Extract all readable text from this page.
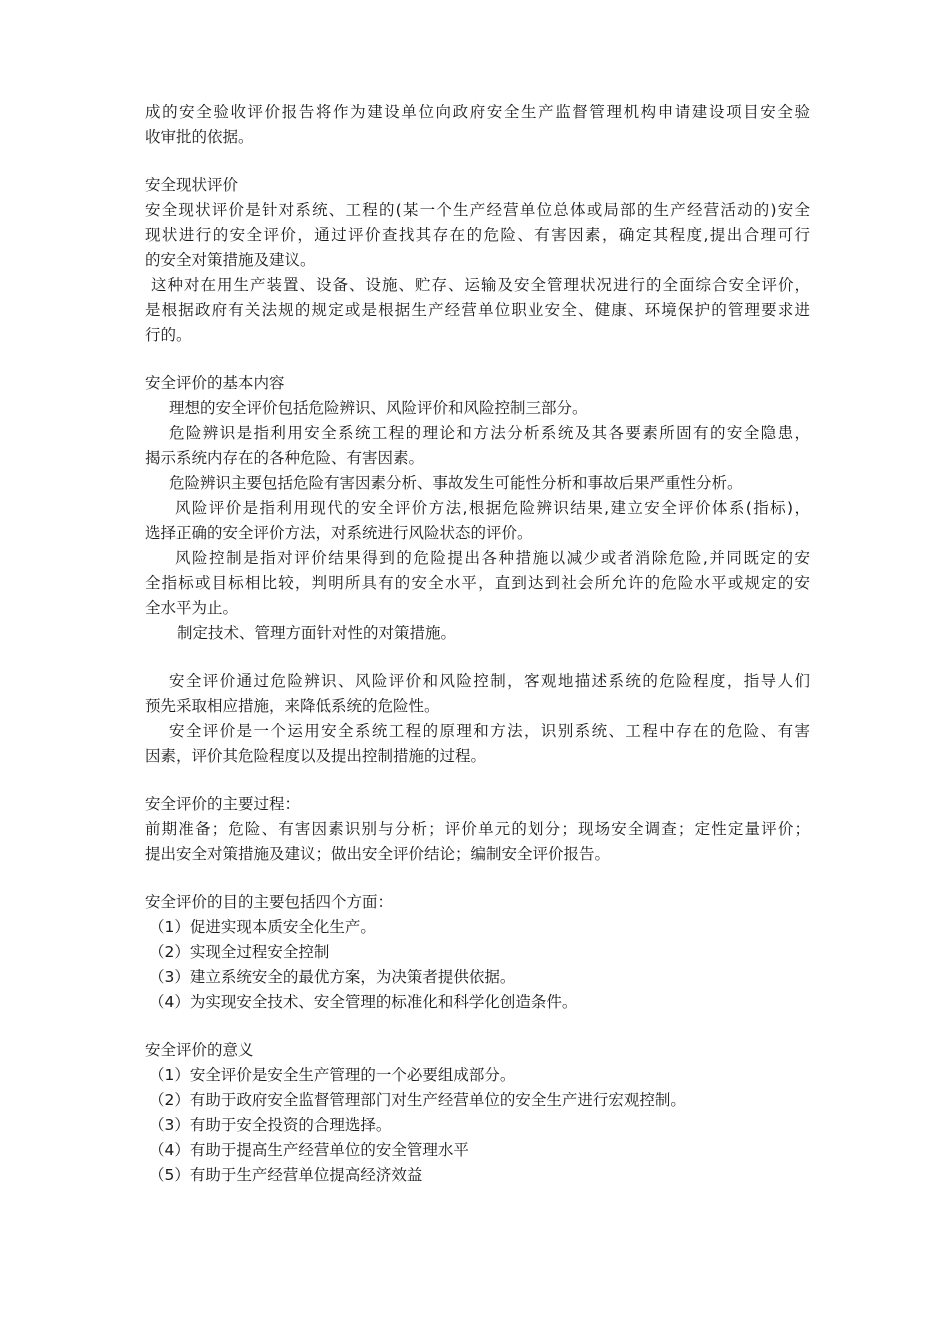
成的安全验收评价报告将作为建设单位向政府安全生产监督管理机构申请建设项目安全验
收审批的依据。
安全现状评价
安全现状评价是针对系统、工程的(某一个生产经营单位总体或局部的生产经营活动的)安全
现状进行的安全评价，通过评价查找其存在的危险、有害因素，确定其程度,提出合理可行
的安全对策措施及建议。
这种对在用生产装置、设备、设施、贮存、运输及安全管理状况进行的全面综合安全评价，
是根据政府有关法规的规定或是根据生产经营单位职业安全、健康、环境保护的管理要求进
行的。
安全评价的基本内容
理想的安全评价包括危险辨识、风险评价和风险控制三部分。
危险辨识是指利用安全系统工程的理论和方法分析系统及其各要素所固有的安全隐患，
揭示系统内存在的各种危险、有害因素。
危险辨识主要包括危险有害因素分析、事故发生可能性分析和事故后果严重性分析。
风险评价是指利用现代的安全评价方法,根据危险辨识结果,建立安全评价体系(指标)，
选择正确的安全评价方法，对系统进行风险状态的评价。
风险控制是指对评价结果得到的危险提出各种措施以减少或者消除危险,并同既定的安
全指标或目标相比较，判明所具有的安全水平，直到达到社会所允许的危险水平或规定的安
全水平为止。
制定技术、管理方面针对性的对策措施。
安全评价通过危险辨识、风险评价和风险控制，客观地描述系统的危险程度，指导人们
预先采取相应措施，来降低系统的危险性。
安全评价是一个运用安全系统工程的原理和方法，识别系统、工程中存在的危险、有害
因素，评价其危险程度以及提出控制措施的过程。
安全评价的主要过程：
前期准备；危险、有害因素识别与分析；评价单元的划分；现场安全调查；定性定量评价；
提出安全对策措施及建议；做出安全评价结论；编制安全评价报告。
安全评价的目的主要包括四个方面：
（1）促进实现本质安全化生产。
（2）实现全过程安全控制
（3）建立系统安全的最优方案，为决策者提供依据。
（4）为实现安全技术、安全管理的标准化和科学化创造条件。
安全评价的意义
（1）安全评价是安全生产管理的一个必要组成部分。
（2）有助于政府安全监督管理部门对生产经营单位的安全生产进行宏观控制。
（3）有助于安全投资的合理选择。
（4）有助于提高生产经营单位的安全管理水平
（5）有助于生产经营单位提高经济效益
